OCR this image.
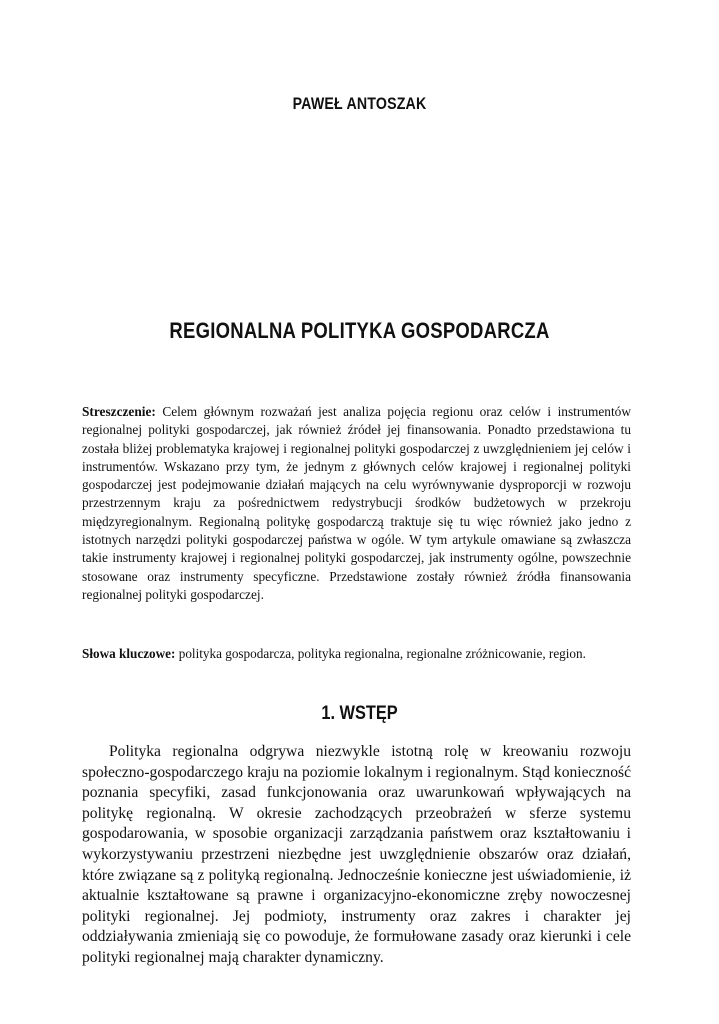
PAWEŁ ANTOSZAK
REGIONALNA POLITYKA GOSPODARCZA

Streszczenie: Celem głównym rozważań jest analiza pojęcia regionu oraz celów i instrumentów regionalnej polityki gospodarczej, jak również źródeł jej finansowania. Ponadto przedstawiona tu została bliżej problematyka krajowej i regionalnej polityki gospodarczej z uwzględnieniem jej celów i instrumentów. Wskazano przy tym, że jednym z głównych celów krajowej i regionalnej polityki gospodarczej jest podejmowanie działań mających na celu wyrównywanie dysproporcji w rozwoju przestrzennym kraju za pośrednictwem redystrybucji środków budżetowych w przekroju międzyregionalnym. Regionalną politykę gospodarczą traktuje się tu więc również jako jedno z istotnych narzędzi polityki gospodarczej państwa w ogóle. W tym artykule omawiane są zwłaszcza takie instrumenty krajowej i regionalnej polityki gospodarczej, jak instrumenty ogólne, powszechnie stosowane oraz instrumenty specyficzne. Przedstawione zostały również źródła finansowania regionalnej polityki gospodarczej.

Słowa kluczowe: polityka gospodarcza, polityka regionalna, regionalne zróżnicowanie, region.

1. WSTĘP

Polityka regionalna odgrywa niezwykle istotną rolę w kreowaniu rozwoju społeczno-gospodarczego kraju na poziomie lokalnym i regionalnym. Stąd konieczność poznania specyfiki, zasad funkcjonowania oraz uwarunkowań wpływających na politykę regionalną. W okresie zachodzących przeobrażeń w sferze systemu gospodarowania, w sposobie organizacji zarządzania państwem oraz kształtowaniu i wykorzystywaniu przestrzeni niezbędne jest uwzględnienie obszarów oraz działań, które związane są z polityką regionalną. Jednocześnie konieczne jest uświadomienie, iż aktualnie kształtowane są prawne i organizacyjno-ekonomiczne zręby nowoczesnej polityki regionalnej. Jej podmioty, instrumenty oraz zakres i charakter jej oddziaływania zmieniają się co powoduje, że formułowane zasady oraz kierunki i cele polityki regionalnej mają charakter dynamiczny.
